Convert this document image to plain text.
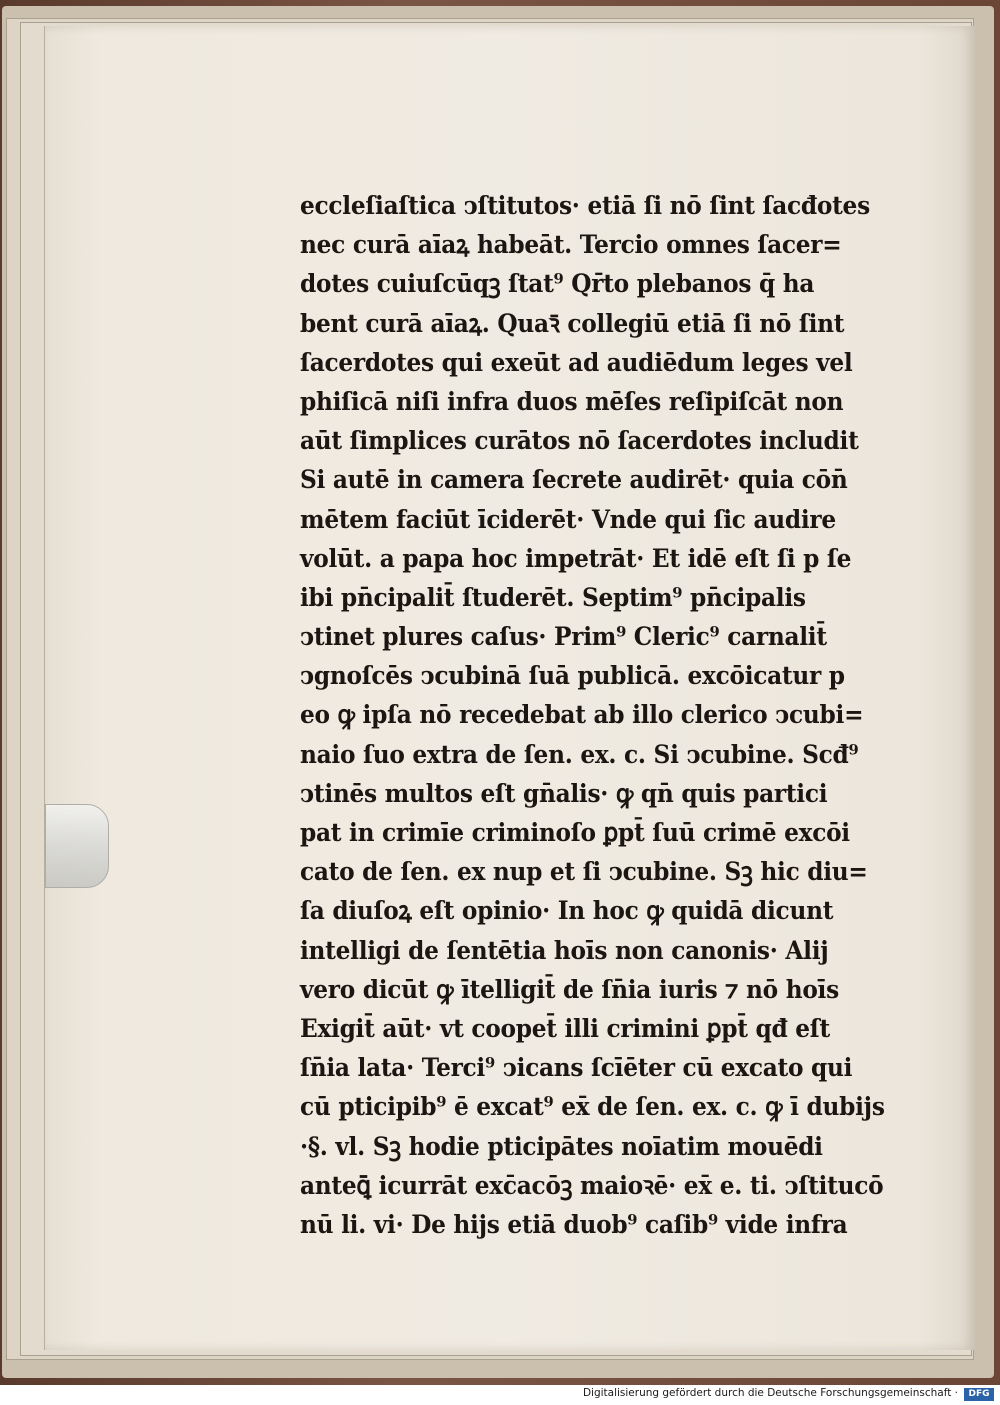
eccleſiaſtica ↄſtitutos· etiā ſi nō ſint ſacđotes
nec curā aīaꝝ habeāt. Tercio omnes ſacer=
dotes cuiuſcūqꝫ ſtat⁹ Qr̄to plebanos q̄ ha
bent curā aīaꝝ. Quaꝛ̄ collegiū etiā ſi nō ſint
ſacerdotes qui exeūt ad audiēdum leges vel
phiſicā niſi infra duos mēſes reſipiſcāt non
aūt ſimplices curātos nō ſacerdotes includit
Si autē in camera ſecrete audirēt· quia cōn̄
mētem faciūt īciderēt· Vnde qui ſic audire
volūt. a papa hoc impetrāt· Et idē eſt ſi p ſe
ibi pn̄cipalit̄ ſtuderēt. Septim⁹ pn̄cipalis
ↄtinet plures caſus· Prim⁹ Cleric⁹ carnalit̄
ↄgnoſcēs ↄcubinā ſuā publicā. excōicatur p
eo ꝙ ipſa nō recedebat ab illo clerico ↄcubi=
naio ſuo extra de ſen. ex. c. Si ↄcubine. Scđ⁹
ↄtinēs multos eſt gn̄alis· ꝙ qn̄ quis partici
pat in crimīe criminoſo ꝑpt̄ ſuū crimē excōi
cato de ſen. ex nup et ſi ↄcubine. Sꝫ hic diu=
ſa diuſoꝝ eſt opinio· In hoc ꝙ quidā dicunt
intelligi de ſentētia hoīs non canonis· Alij
vero dicūt ꝙ ītelligit̄ de ſn̄ia iuris ⁊ nō hoīs
Exigit̄ aūt· vt coopet̄ illi crimini ꝑpt̄ qđ eſt
ſn̄ia lata· Terci⁹ ↄicans ſcīēter cū excato qui
cū pticipib⁹ ē excat⁹ ex̄ de ſen. ex. c. ꝙ ī dubijs
·§. vl. Sꝫ hodie pticipātes noīatim mouēdi
anteꝗ̄ icurrāt exc̄acōꝫ maioꝛē· ex̄ e. ti. ↄſtitucō
nū li. vi· De hijs etiā duob⁹ caſib⁹ vide infra
Digitalisierung gefördert durch die Deutsche Forschungsgemeinschaft ·	DFG
